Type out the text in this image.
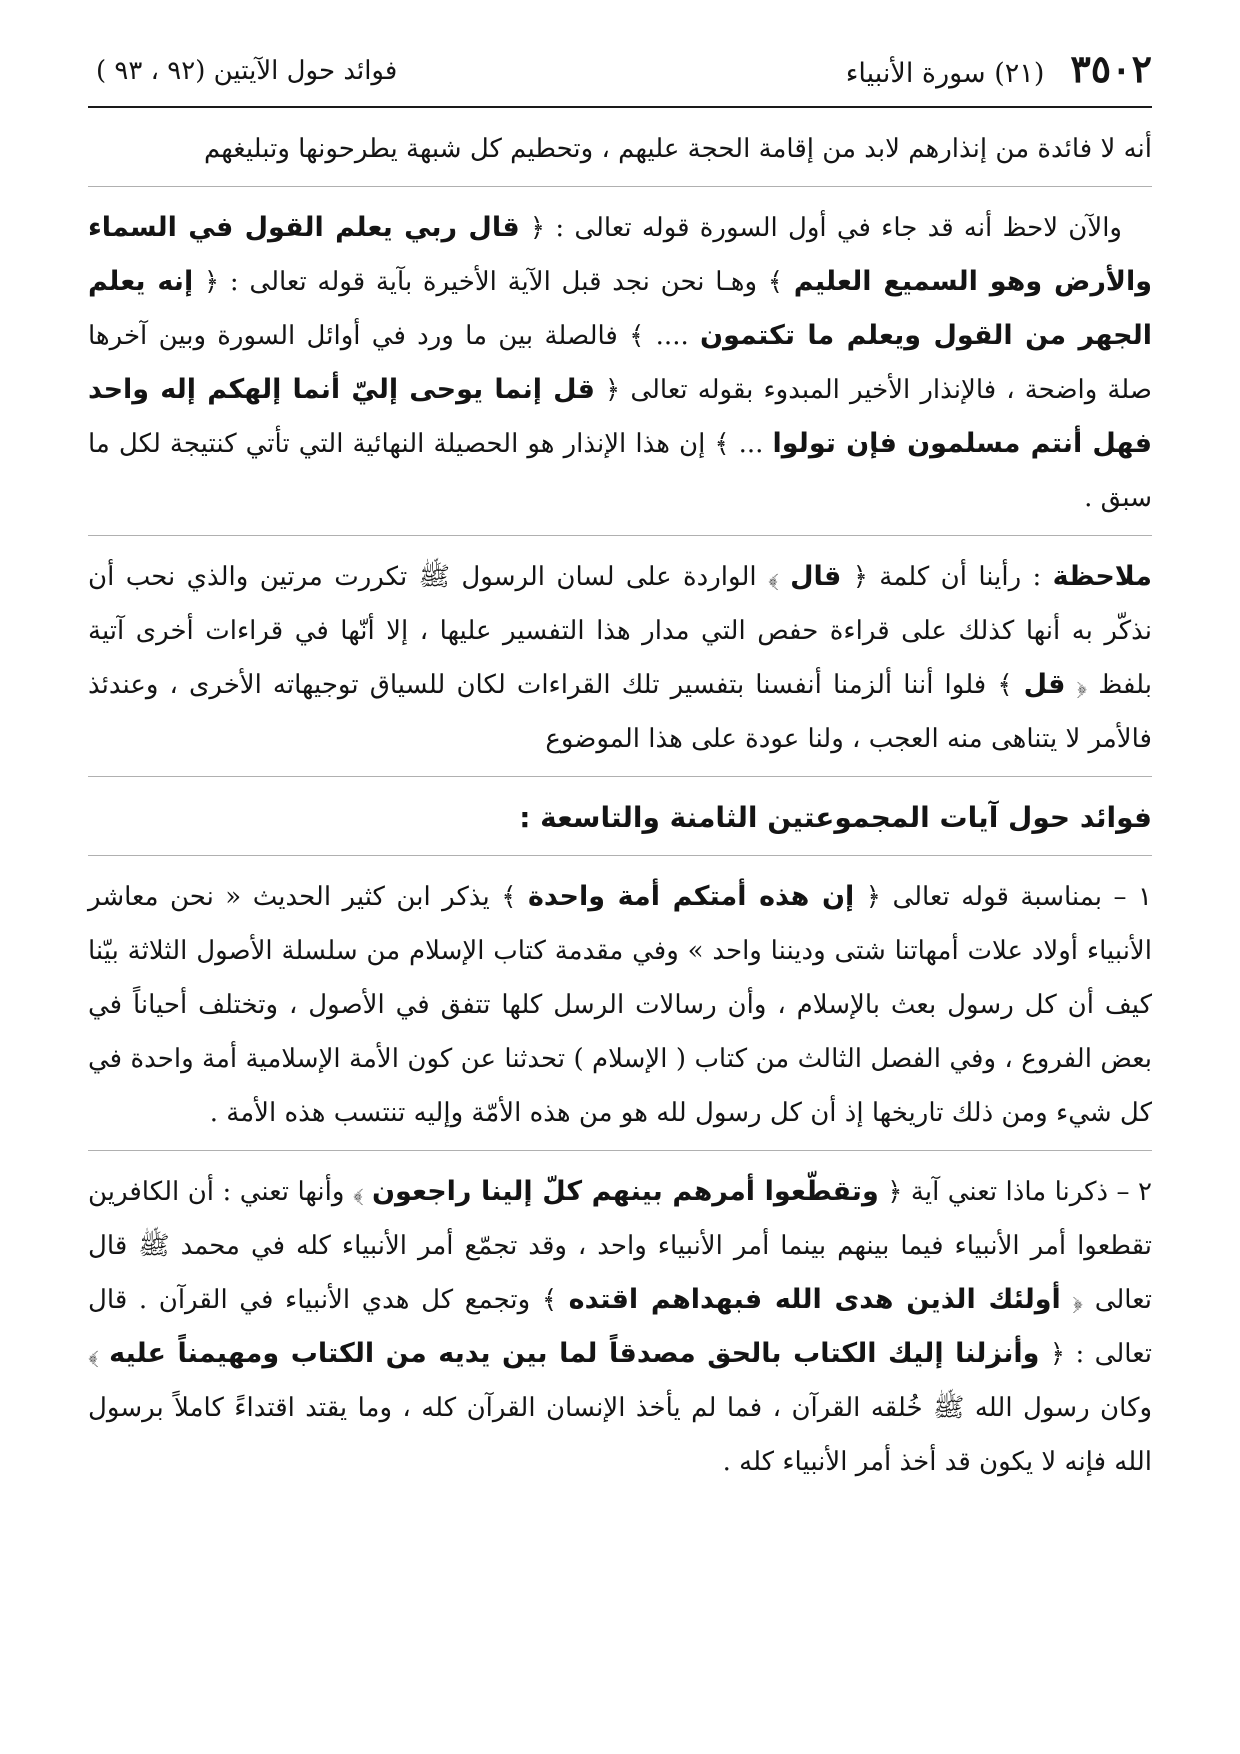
٣٥٠٢
(٢١) سورة الأنبياء
فوائد حول الآيتين (٩٢ ، ٩٣ )

أنه لا فائدة من إنذارهم لابد من إقامة الحجة عليهم ، وتحطيم كل شبهة يطرحونها وتبليغهم

والآن لاحظ أنه قد جاء في أول السورة قوله تعالى : ﴿ قال ربي يعلم القول في السماء والأرض وهو السميع العليم ﴾ وهـا نحن نجد قبل الآية الأخيرة بآية قوله تعالى : ﴿ إنه يعلم الجهر من القول ويعلم ما تكتمون .... ﴾ فالصلة بين ما ورد في أوائل السورة وبين آخرها صلة واضحة ، فالإنذار الأخير المبدوء بقوله تعالى ﴿ قل إنما يوحى إليّ أنما إلهكم إله واحد فهل أنتم مسلمون فإن تولوا ... ﴾ إن هذا الإنذار هو الحصيلة النهائية التي تأتي كنتيجة لكل ما سبق .

ملاحظة : رأينا أن كلمة ﴿ قال ﴾ الواردة على لسان الرسول ﷺ تكررت مرتين والذي نحب أن نذكّر به أنها كذلك على قراءة حفص التي مدار هذا التفسير عليها ، إلا أنّها في قراءات أخرى آتية بلفظ ﴿ قل ﴾ فلوا أننا ألزمنا أنفسنا بتفسير تلك القراءات لكان للسياق توجيهاته الأخرى ، وعندئذ فالأمر لا يتناهى منه العجب ، ولنا عودة على هذا الموضوع

فوائد حول آيات المجموعتين الثامنة والتاسعة :

١ – بمناسبة قوله تعالى ﴿ إن هذه أمتكم أمة واحدة ﴾ يذكر ابن كثير الحديث « نحن معاشر الأنبياء أولاد علات أمهاتنا شتى وديننا واحد » وفي مقدمة كتاب الإسلام من سلسلة الأصول الثلاثة بيّنا كيف أن كل رسول بعث بالإسلام ، وأن رسالات الرسل كلها تتفق في الأصول ، وتختلف أحياناً في بعض الفروع ، وفي الفصل الثالث من كتاب ( الإسلام ) تحدثنا عن كون الأمة الإسلامية أمة واحدة في كل شيء ومن ذلك تاريخها إذ أن كل رسول لله هو من هذه الأمّة وإليه تنتسب هذه الأمة .

٢ – ذكرنا ماذا تعني آية ﴿ وتقطّعوا أمرهم بينهم كلّ إلينا راجعون ﴾ وأنها تعني : أن الكافرين تقطعوا أمر الأنبياء فيما بينهم بينما أمر الأنبياء واحد ، وقد تجمّع أمر الأنبياء كله في محمد ﷺ قال تعالى ﴿ أولئك الذين هدى الله فبهداهم اقتده ﴾ وتجمع كل هدي الأنبياء في القرآن . قال تعالى : ﴿ وأنزلنا إليك الكتاب بالحق مصدقاً لما بين يديه من الكتاب ومهيمناً عليه ﴾ وكان رسول الله ﷺ خُلقه القرآن ، فما لم يأخذ الإنسان القرآن كله ، وما يقتد اقتداءً كاملاً برسول الله فإنه لا يكون قد أخذ أمر الأنبياء كله .
